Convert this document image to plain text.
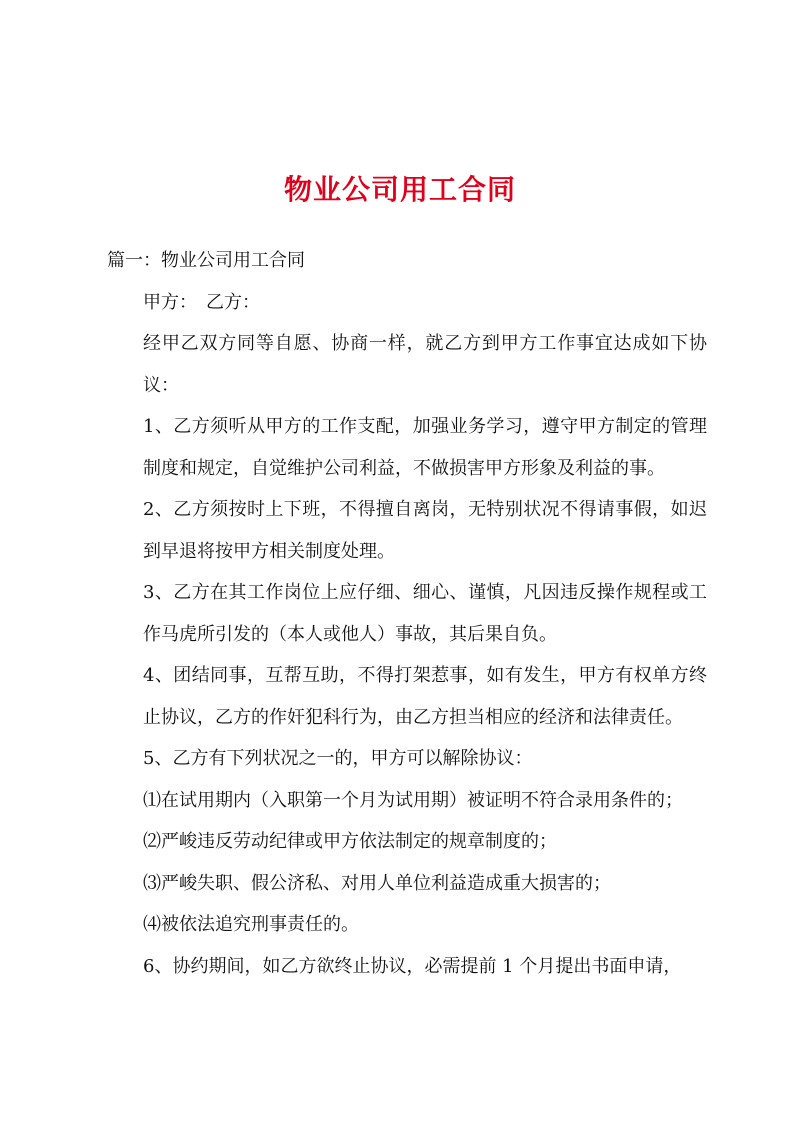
物业公司用工合同

篇一：物业公司用工合同

甲方：　乙方：

经甲乙双方同等自愿、协商一样，就乙方到甲方工作事宜达成如下协议：

1、乙方须听从甲方的工作支配，加强业务学习，遵守甲方制定的管理制度和规定，自觉维护公司利益，不做损害甲方形象及利益的事。

2、乙方须按时上下班，不得擅自离岗，无特别状况不得请事假，如迟到早退将按甲方相关制度处理。

3、乙方在其工作岗位上应仔细、细心、谨慎，凡因违反操作规程或工作马虎所引发的（本人或他人）事故，其后果自负。

4、团结同事，互帮互助，不得打架惹事，如有发生，甲方有权单方终止协议，乙方的作奸犯科行为，由乙方担当相应的经济和法律责任。

5、乙方有下列状况之一的，甲方可以解除协议：

⑴在试用期内（入职第一个月为试用期）被证明不符合录用条件的；

⑵严峻违反劳动纪律或甲方依法制定的规章制度的；

⑶严峻失职、假公济私、对用人单位利益造成重大损害的；

⑷被依法追究刑事责任的。

6、协约期间，如乙方欲终止协议，必需提前 1 个月提出书面申请，
